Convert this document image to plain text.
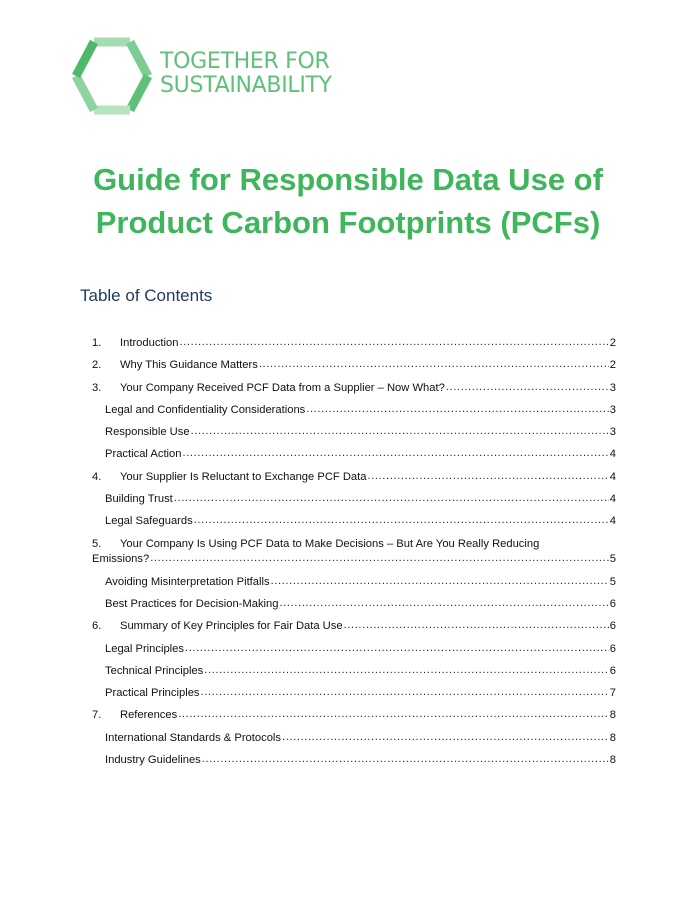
TOGETHER FOR
SUSTAINABILITY
Guide for Responsible Data Use of
Product Carbon Footprints (PCFs)
Table of Contents
1.	Introduction .....	2
2.	Why This Guidance Matters .....	2
3.	Your Company Received PCF Data from a Supplier – Now What? .....	3
Legal and Confidentiality Considerations .....	3
Responsible Use .....	3
Practical Action .....	4
4.	Your Supplier Is Reluctant to Exchange PCF Data .....	4
Building Trust .....	4
Legal Safeguards .....	4
5.	Your Company Is Using PCF Data to Make Decisions – But Are You Really Reducing
Emissions? .....	5
Avoiding Misinterpretation Pitfalls .....	5
Best Practices for Decision-Making .....	6
6.	Summary of Key Principles for Fair Data Use .....	6
Legal Principles .....	6
Technical Principles .....	6
Practical Principles .....	7
7.	References .....	8
International Standards & Protocols .....	8
Industry Guidelines .....	8
